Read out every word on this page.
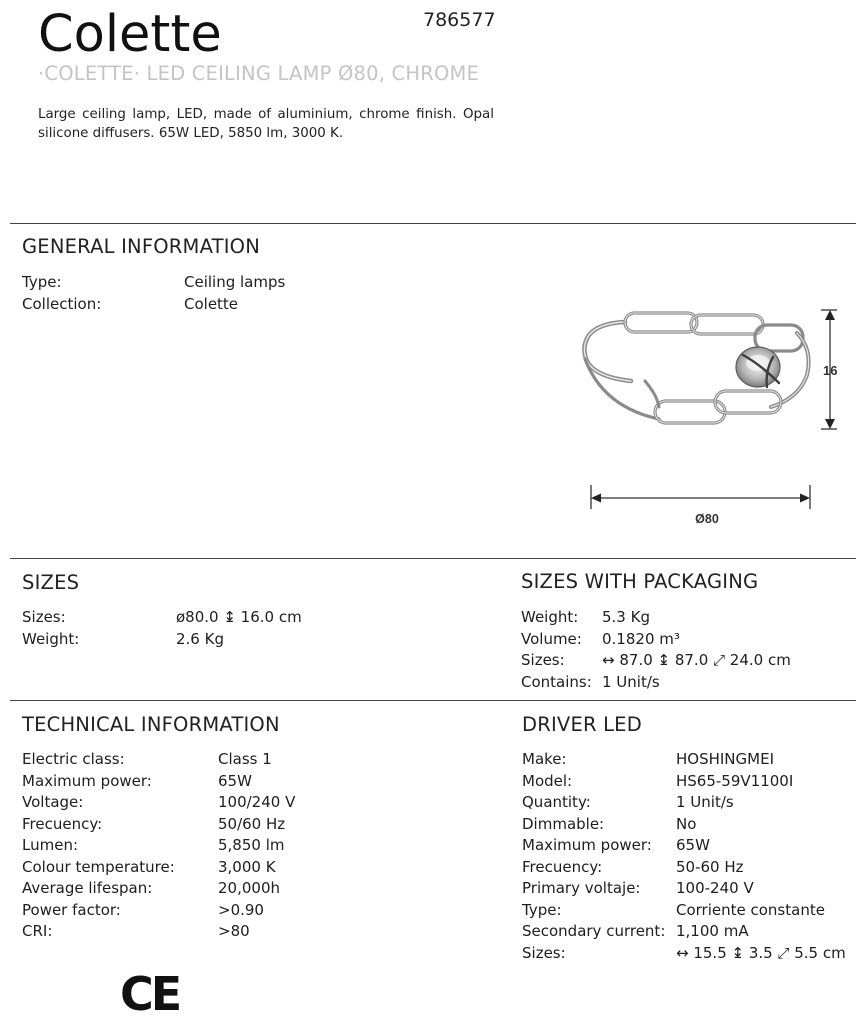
Colette	786577
·COLETTE· LED CEILING LAMP Ø80, CHROME
Large ceiling lamp, LED, made of aluminium, chrome finish. Opal silicone diffusers. 65W LED, 5850 lm, 3000 K.
GENERAL INFORMATION
Type:	Ceiling lamps
Collection:	Colette
16
Ø80
SIZES
Sizes:	ø80.0 ↨ 16.0 cm
Weight:	2.6 Kg
SIZES WITH PACKAGING
Weight:	5.3 Kg
Volume:	0.1820 m³
Sizes:	↔ 87.0 ↨ 87.0 ⤢ 24.0 cm
Contains: 1 Unit/s
TECHNICAL INFORMATION
Electric class:	Class 1
Maximum power:	65W
Voltage:	100/240 V
Frecuency:	50/60 Hz
Lumen:	5,850 lm
Colour temperature:	3,000 K
Average lifespan:	20,000h
Power factor:	>0.90
CRI:	>80
DRIVER LED
Make:	HOSHINGMEI
Model:	HS65-59V1100I
Quantity:	1 Unit/s
Dimmable:	No
Maximum power:	65W
Frecuency:	50-60 Hz
Primary voltaje:	100-240 V
Type:	Corriente constante
Secondary current: 1,100 mA
Sizes:	↔ 15.5 ↨ 3.5 ⤢ 5.5 cm
CE
